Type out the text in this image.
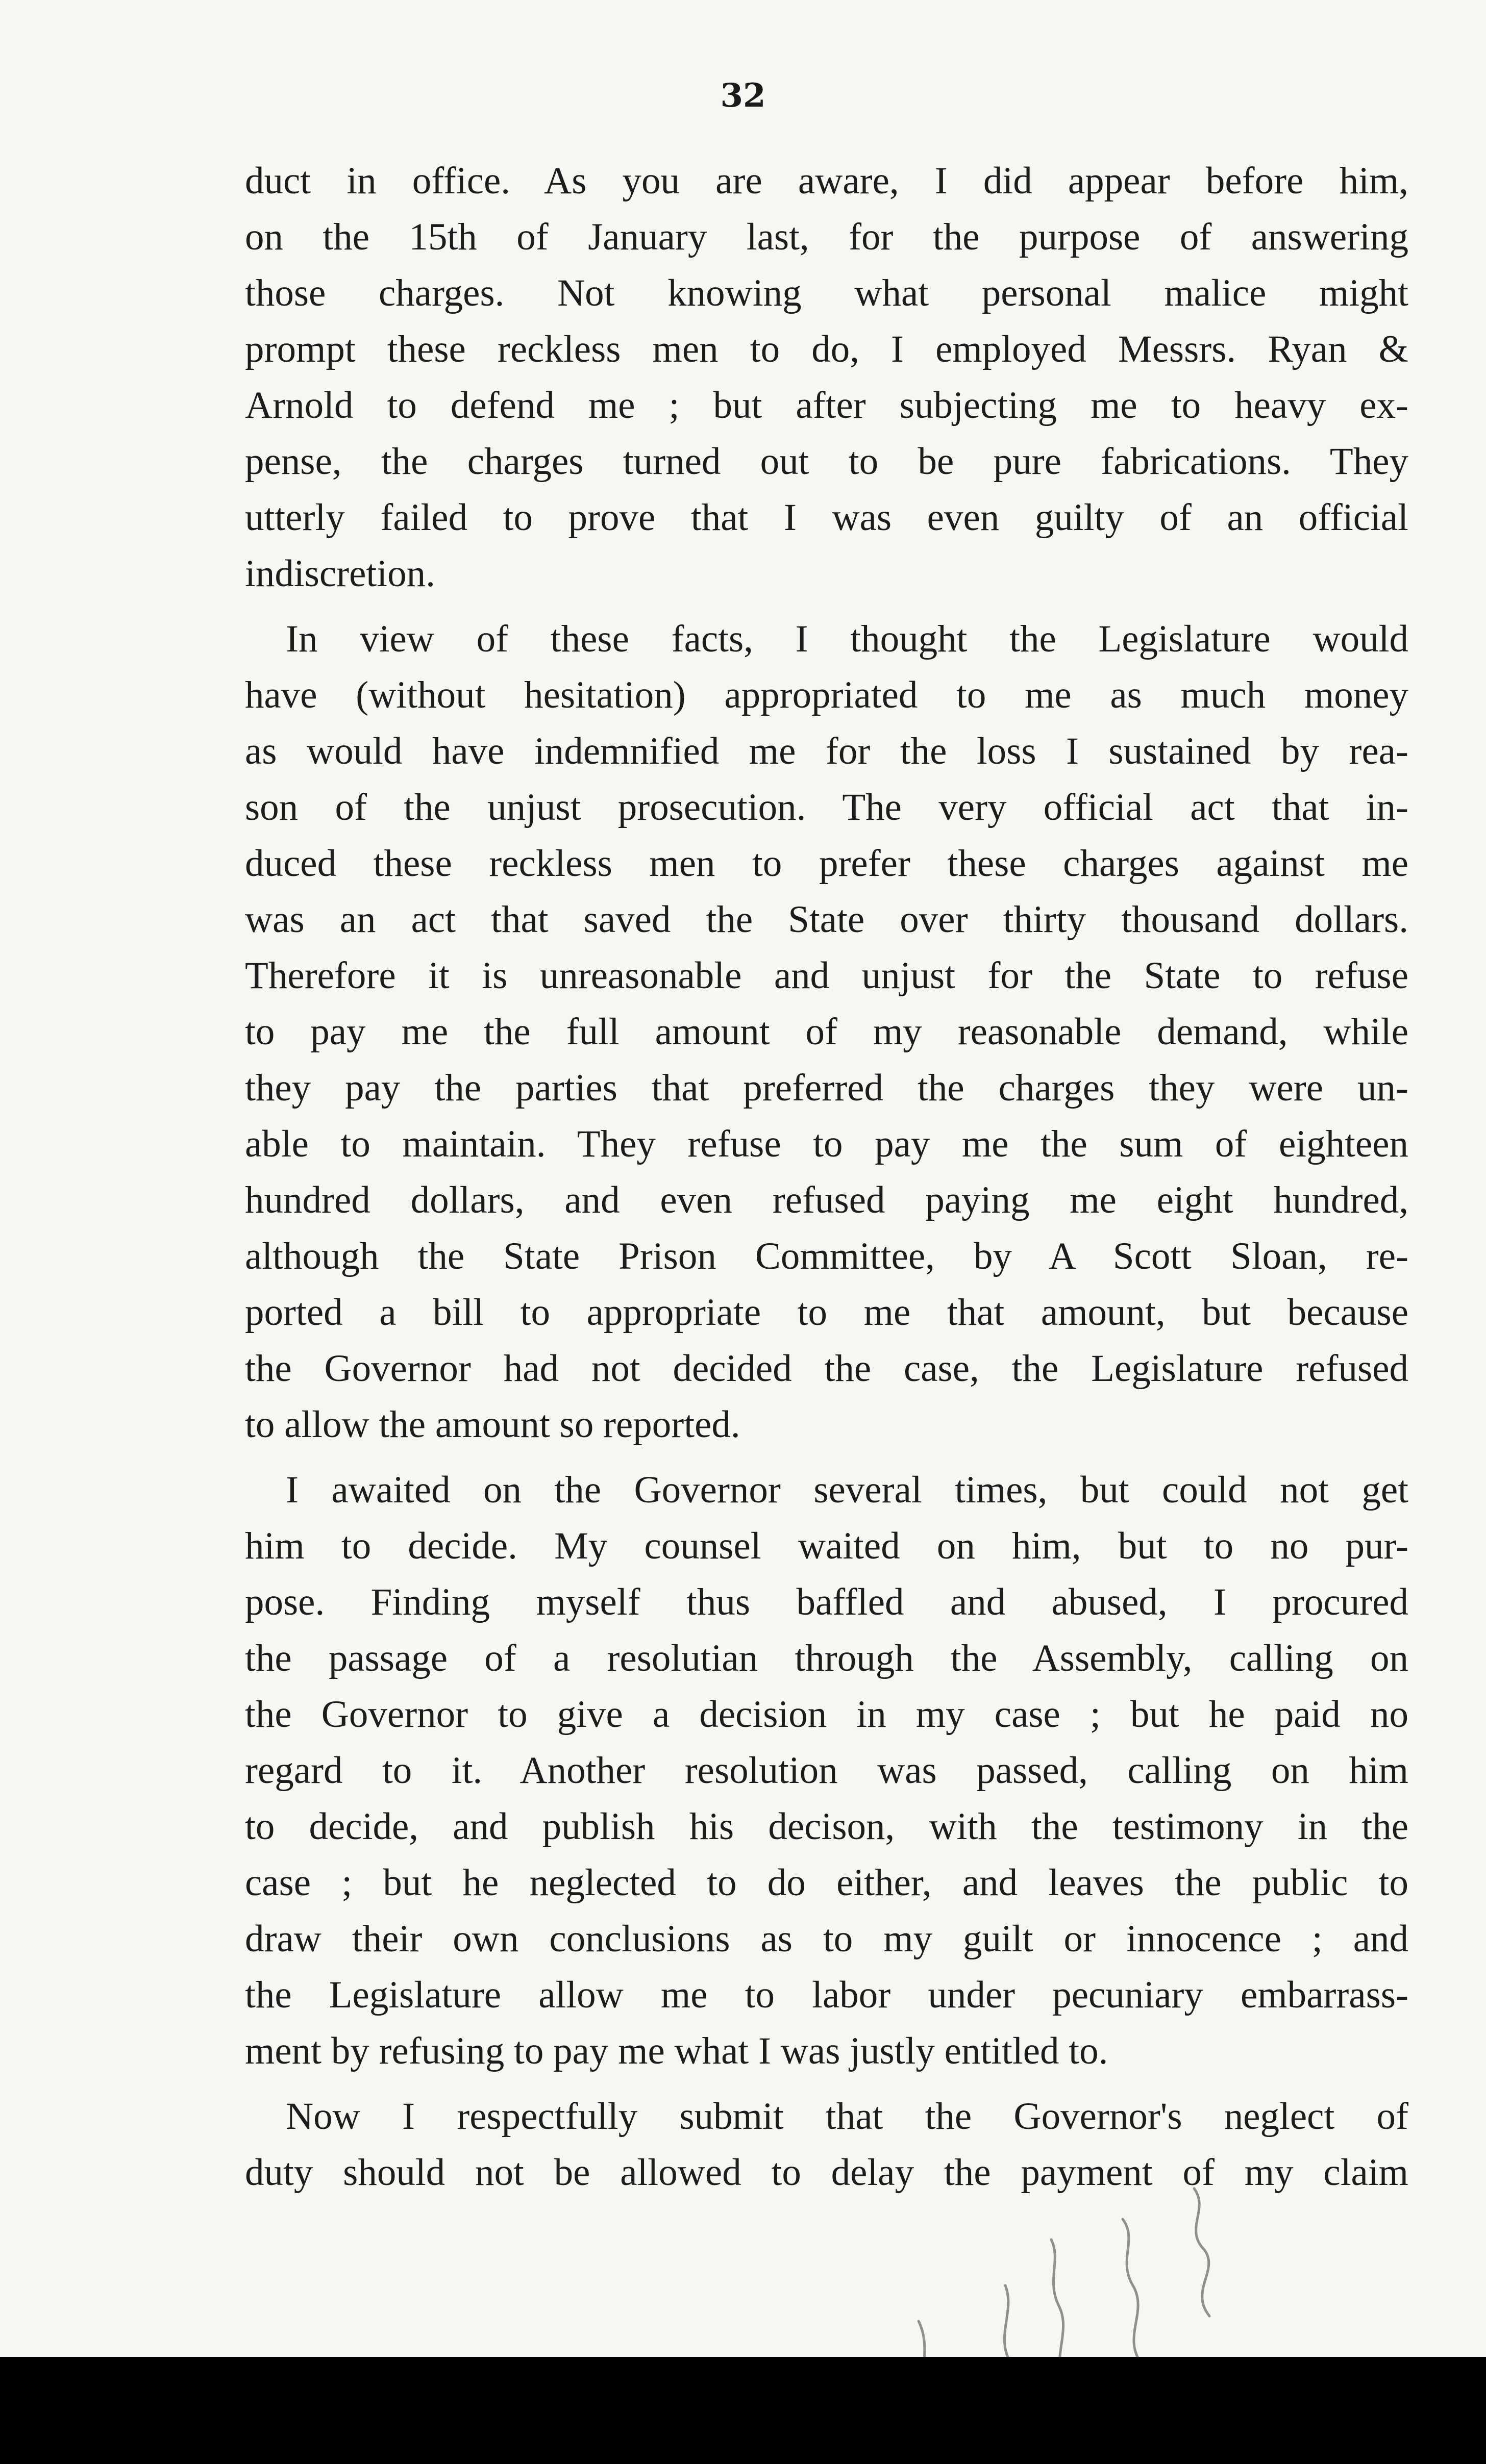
32
duct in office. As you are aware, I did appear before him,
on the 15th of January last, for the purpose of answering
those charges. Not knowing what personal malice might
prompt these reckless men to do, I employed Messrs. Ryan &
Arnold to defend me ; but after subjecting me to heavy ex-
pense, the charges turned out to be pure fabrications. They
utterly failed to prove that I was even guilty of an official
indiscretion.
In view of these facts, I thought the Legislature would
have (without hesitation) appropriated to me as much money
as would have indemnified me for the loss I sustained by rea-
son of the unjust prosecution. The very official act that in-
duced these reckless men to prefer these charges against me
was an act that saved the State over thirty thousand dollars.
Therefore it is unreasonable and unjust for the State to refuse
to pay me the full amount of my reasonable demand, while
they pay the parties that preferred the charges they were un-
able to maintain. They refuse to pay me the sum of eighteen
hundred dollars, and even refused paying me eight hundred,
although the State Prison Committee, by A Scott Sloan, re-
ported a bill to appropriate to me that amount, but because
the Governor had not decided the case, the Legislature refused
to allow the amount so reported.
I awaited on the Governor several times, but could not get
him to decide. My counsel waited on him, but to no pur-
pose. Finding myself thus baffled and abused, I procured
the passage of a resolutian through the Assembly, calling on
the Governor to give a decision in my case ; but he paid no
regard to it. Another resolution was passed, calling on him
to decide, and publish his decison, with the testimony in the
case ; but he neglected to do either, and leaves the public to
draw their own conclusions as to my guilt or innocence ; and
the Legislature allow me to labor under pecuniary embarrass-
ment by refusing to pay me what I was justly entitled to.
Now I respectfully submit that the Governor's neglect of
duty should not be allowed to delay the payment of my claim
